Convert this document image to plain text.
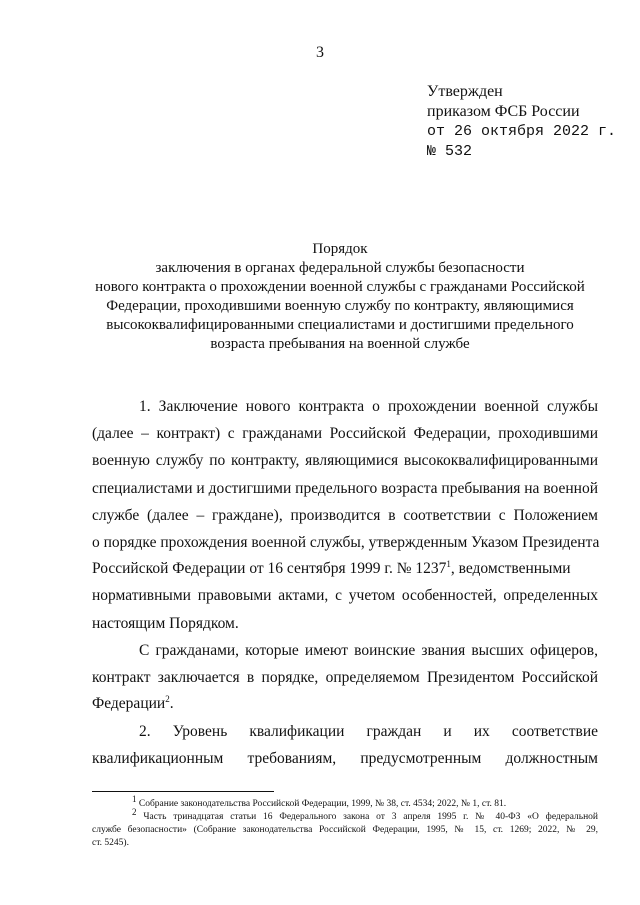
3
Утвержден
приказом ФСБ России
от 26 октября 2022 г.
№ 532
Порядок
заключения в органах федеральной службы безопасности
нового контракта о прохождении военной службы с гражданами Российской
Федерации, проходившими военную службу по контракту, являющимися
высококвалифицированными специалистами и достигшими предельного
возраста пребывания на военной службе
1. Заключение нового контракта о прохождении военной службы
(далее – контракт) с гражданами Российской Федерации, проходившими
военную службу по контракту, являющимися высококвалифицированными
специалистами и достигшими предельного возраста пребывания на военной
службе (далее – граждане), производится в соответствии с Положением
о порядке прохождения военной службы, утвержденным Указом Президента
Российской Федерации от 16 сентября 1999 г. № 1237$^1$, ведомственными
нормативными правовыми актами, с учетом особенностей, определенных
настоящим Порядком.
С гражданами, которые имеют воинские звания высших офицеров,
контракт заключается в порядке, определяемом Президентом Российской
Федерации$^2$.
2. Уровень квалификации граждан и их соответствие
квалификационным требованиям, предусмотренным должностным
$^1$ Собрание законодательства Российской Федерации, 1999, № 38, ст. 4534; 2022, № 1, ст. 81.
$^2$ Часть тринадцатая статьи 16 Федерального закона от 3 апреля 1995 г. № 40-ФЗ «О федеральной
службе безопасности» (Собрание законодательства Российской Федерации, 1995, № 15, ст. 1269; 2022, № 29,
ст. 5245).
